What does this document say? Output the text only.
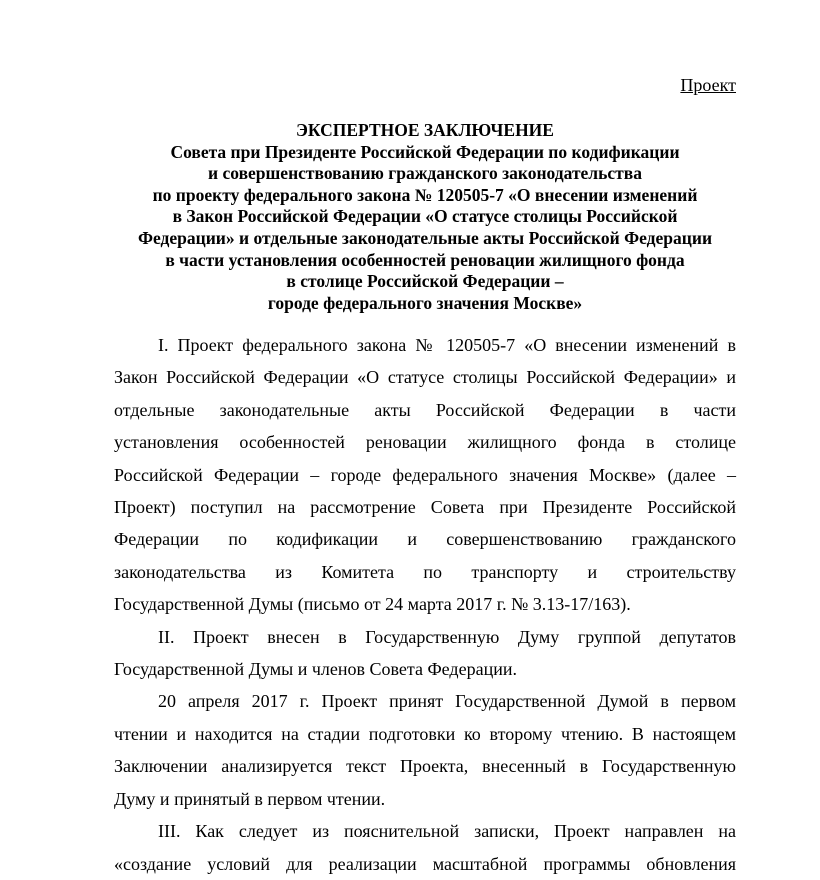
Проект
ЭКСПЕРТНОЕ ЗАКЛЮЧЕНИЕ
Совета при Президенте Российской Федерации по кодификации
и совершенствованию гражданского законодательства
по проекту федерального закона № 120505-7 «О внесении изменений
в Закон Российской Федерации «О статусе столицы Российской
Федерации» и отдельные законодательные акты Российской Федерации
в части установления особенностей реновации жилищного фонда
в столице Российской Федерации –
городе федерального значения Москве»
I. Проект федерального закона № 120505-7 «О внесении изменений в
Закон Российской Федерации «О статусе столицы Российской Федерации» и
отдельные законодательные акты Российской Федерации в части
установления особенностей реновации жилищного фонда в столице
Российской Федерации – городе федерального значения Москве» (далее –
Проект) поступил на рассмотрение Совета при Президенте Российской
Федерации по кодификации и совершенствованию гражданского
законодательства из Комитета по транспорту и строительству
Государственной Думы (письмо от 24 марта 2017 г. № 3.13-17/163).
II. Проект внесен в Государственную Думу группой депутатов
Государственной Думы и членов Совета Федерации.
20 апреля 2017 г. Проект принят Государственной Думой в первом
чтении и находится на стадии подготовки ко второму чтению. В настоящем
Заключении анализируется текст Проекта, внесенный в Государственную
Думу и принятый в первом чтении.
III. Как следует из пояснительной записки, Проект направлен на
«создание условий для реализации масштабной программы обновления
